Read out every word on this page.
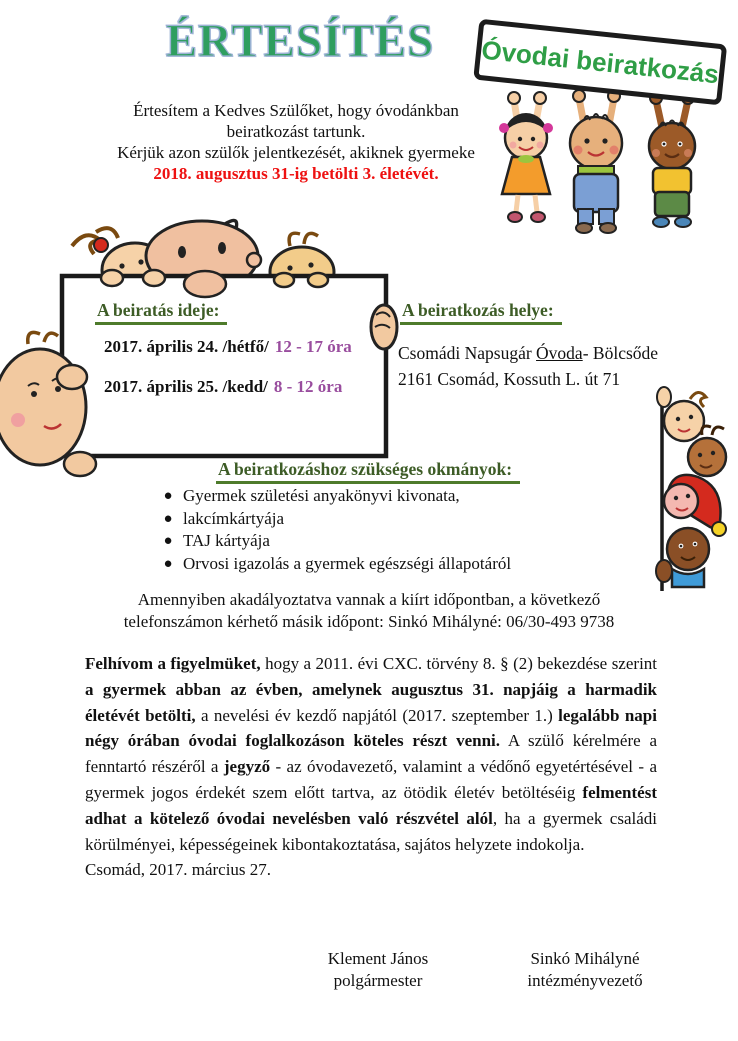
ÉRTESÍTÉS	Óvodai beiratkozás
Értesítem a Kedves Szülőket, hogy óvodánkban
beiratkozást tartunk.
Kérjük azon szülők jelentkezését, akiknek gyermeke
2018. augusztus 31-ig betölti 3. életévét.
A beiratás ideje:
2017. április 24. /hétfő/ 12 - 17 óra
2017. április 25. /kedd/ 8 - 12 óra
A beiratkozás helye:
Csomádi Napsugár Óvoda- Bölcsőde
2161 Csomád, Kossuth L. út 71
A beiratkozáshoz szükséges okmányok:
● Gyermek születési anyakönyvi kivonata,
● lakcímkártyája
● TAJ kártyája
● Orvosi igazolás a gyermek egészségi állapotáról
Amennyiben akadályoztatva vannak a kiírt időpontban, a következő
telefonszámon kérhető másik időpont: Sinkó Mihályné: 06/30-493 9738
Felhívom a figyelmüket, hogy a 2011. évi CXC. törvény 8. § (2) bekezdése szerint a gyermek abban az évben, amelynek augusztus 31. napjáig a harmadik életévét betölti, a nevelési év kezdő napjától (2017. szeptember 1.) legalább napi négy órában óvodai foglalkozáson köteles részt venni. A szülő kérelmére a fenntartó részéről a jegyző - az óvodavezető, valamint a védőnő egyetértésével - a gyermek jogos érdekét szem előtt tartva, az ötödik életév betöltéséig felmentést adhat a kötelező óvodai nevelésben való részvétel alól, ha a gyermek családi körülményei, képességeinek kibontakoztatása, sajátos helyzete indokolja.
Csomád, 2017. március 27.
Klement János
polgármester
Sinkó Mihályné
intézményvezető
